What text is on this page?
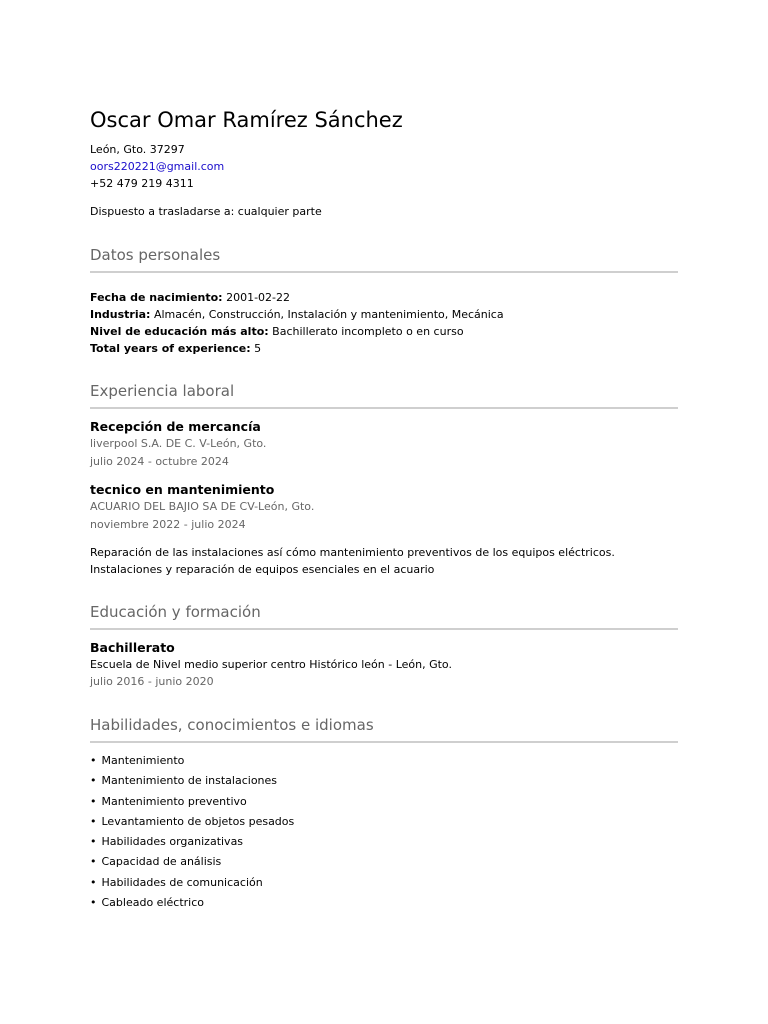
Oscar Omar Ramírez Sánchez
León, Gto. 37297
oors220221@gmail.com
+52 479 219 4311
Dispuesto a trasladarse a: cualquier parte
Datos personales
Fecha de nacimiento: 2001-02-22
Industria: Almacén, Construcción, Instalación y mantenimiento, Mecánica
Nivel de educación más alto: Bachillerato incompleto o en curso
Total years of experience: 5
Experiencia laboral
Recepción de mercancía
liverpool S.A. DE C. V-León, Gto.
julio 2024 - octubre 2024
tecnico en mantenimiento
ACUARIO DEL BAJIO SA DE CV-León, Gto.
noviembre 2022 - julio 2024
Reparación de las instalaciones así cómo mantenimiento preventivos de los equipos eléctricos.
Instalaciones y reparación de equipos esenciales en el acuario
Educación y formación
Bachillerato
Escuela de Nivel medio superior centro Histórico león - León, Gto.
julio 2016 - junio 2020
Habilidades, conocimientos e idiomas
• Mantenimiento
• Mantenimiento de instalaciones
• Mantenimiento preventivo
• Levantamiento de objetos pesados
• Habilidades organizativas
• Capacidad de análisis
• Habilidades de comunicación
• Cableado eléctrico
